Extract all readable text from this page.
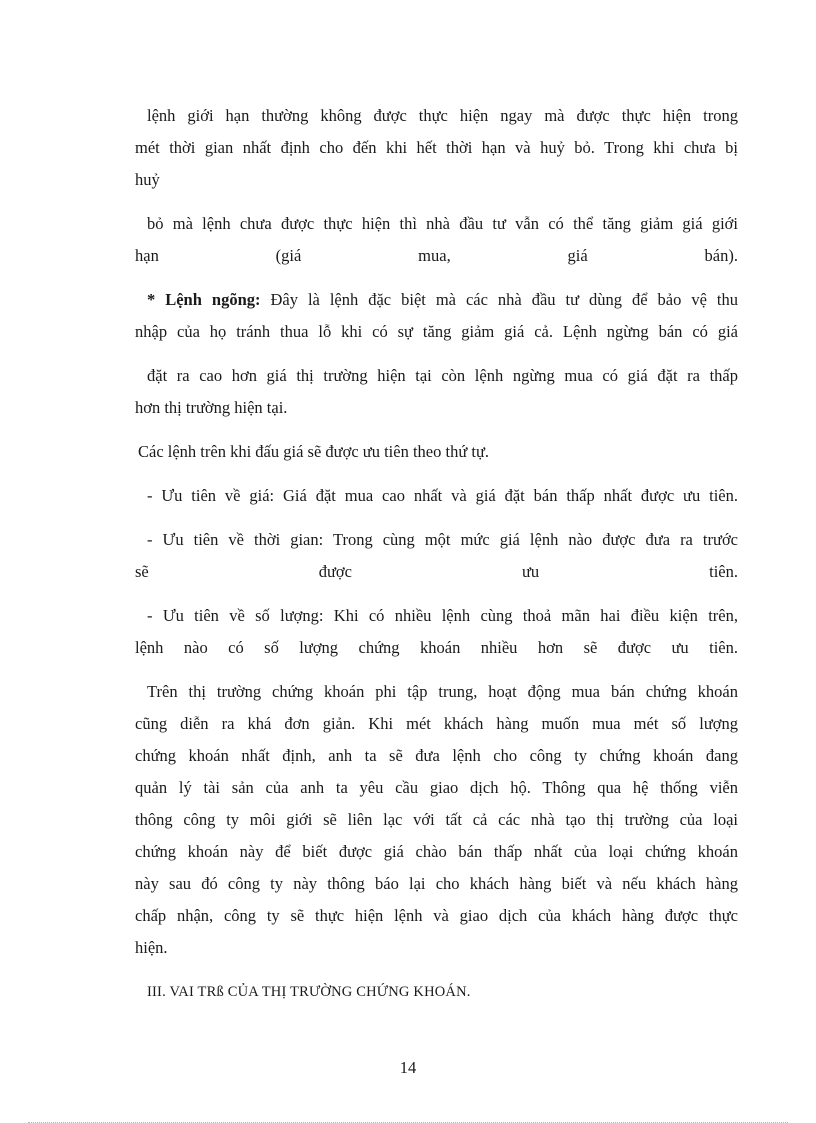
lệnh giới hạn thường không được thực hiện ngay mà được thực hiện trong
mét thời gian nhất định cho đến khi hết thời hạn và huỷ bỏ. Trong khi chưa bị
huỷ
bỏ mà lệnh chưa được thực hiện thì nhà đầu tư vẫn có thể tăng giảm giá giới
hạn (giá mua, giá bán).
* Lệnh ngõng: Đây là lệnh đặc biệt mà các nhà đầu tư dùng để bảo vệ thu
nhập của họ tránh thua lỗ khi có sự tăng giảm giá cả. Lệnh ngừng bán có giá
đặt ra cao hơn giá thị trường hiện tại còn lệnh ngừng mua có giá đặt ra thấp
hơn thị trường hiện tại.
Các lệnh trên khi đấu giá sẽ được ưu tiên theo thứ tự.
- Ưu tiên về giá: Giá đặt mua cao nhất và giá đặt bán thấp nhất được ưu tiên.
- Ưu tiên về thời gian: Trong cùng một mức giá lệnh nào được đưa ra trước
sẽ được ưu tiên.
- Ưu tiên về số lượng: Khi có nhiều lệnh cùng thoả mãn hai điều kiện trên,
lệnh nào có số lượng chứng khoán nhiều hơn sẽ được ưu tiên.
Trên thị trường chứng khoán phi tập trung, hoạt động mua bán chứng khoán
cũng diễn ra khá đơn giản. Khi mét khách hàng muốn mua mét số lượng
chứng khoán nhất định, anh ta sẽ đưa lệnh cho công ty chứng khoán đang
quản lý tài sản của anh ta yêu cầu giao dịch hộ. Thông qua hệ thống viễn
thông công ty môi giới sẽ liên lạc với tất cả các nhà tạo thị trường của loại
chứng khoán này để biết được giá chào bán thấp nhất của loại chứng khoán
này sau đó công ty này thông báo lại cho khách hàng biết và nếu khách hàng
chấp nhận, công ty sẽ thực hiện lệnh và giao dịch của khách hàng được thực
hiện.
III. VAI TRß CỦA THỊ TRƯỜNG CHỨNG KHOÁN.
14
